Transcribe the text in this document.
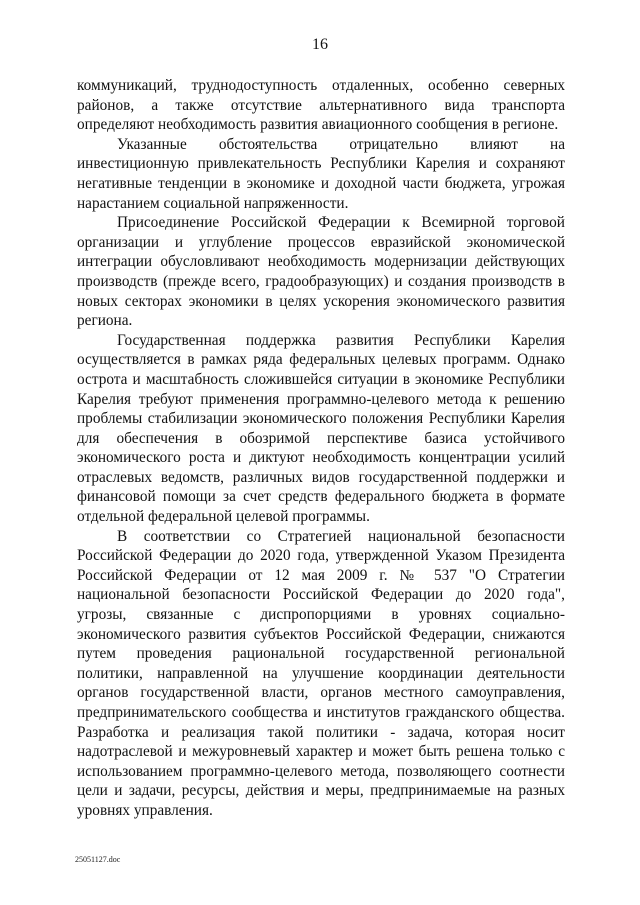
16

коммуникаций, труднодоступность отдаленных, особенно северных районов, а также отсутствие альтернативного вида транспорта определяют необходимость развития авиационного сообщения в регионе.

Указанные обстоятельства отрицательно влияют на инвестиционную привлекательность Республики Карелия и сохраняют негативные тенденции в экономике и доходной части бюджета, угрожая нарастанием социальной напряженности.

Присоединение Российской Федерации к Всемирной торговой организации и углубление процессов евразийской экономической интеграции обусловливают необходимость модернизации действующих производств (прежде всего, градообразующих) и создания производств в новых секторах экономики в целях ускорения экономического развития региона.

Государственная поддержка развития Республики Карелия осуществляется в рамках ряда федеральных целевых программ. Однако острота и масштабность сложившейся ситуации в экономике Республики Карелия требуют применения программно-целевого метода к решению проблемы стабилизации экономического положения Республики Карелия для обеспечения в обозримой перспективе базиса устойчивого экономического роста и диктуют необходимость концентрации усилий отраслевых ведомств, различных видов государственной поддержки и финансовой помощи за счет средств федерального бюджета в формате отдельной федеральной целевой программы.

В соответствии со Стратегией национальной безопасности Российской Федерации до 2020 года, утвержденной Указом Президента Российской Федерации от 12 мая 2009 г. № 537 "О Стратегии национальной безопасности Российской Федерации до 2020 года", угрозы, связанные с диспропорциями в уровнях социально-экономического развития субъектов Российской Федерации, снижаются путем проведения рациональной государственной региональной политики, направленной на улучшение координации деятельности органов государственной власти, органов местного самоуправления, предпринимательского сообщества и институтов гражданского общества. Разработка и реализация такой политики - задача, которая носит надотраслевой и межуровневый характер и может быть решена только с использованием программно-целевого метода, позволяющего соотнести цели и задачи, ресурсы, действия и меры, предпринимаемые на разных уровнях управления.

25051127.doc
